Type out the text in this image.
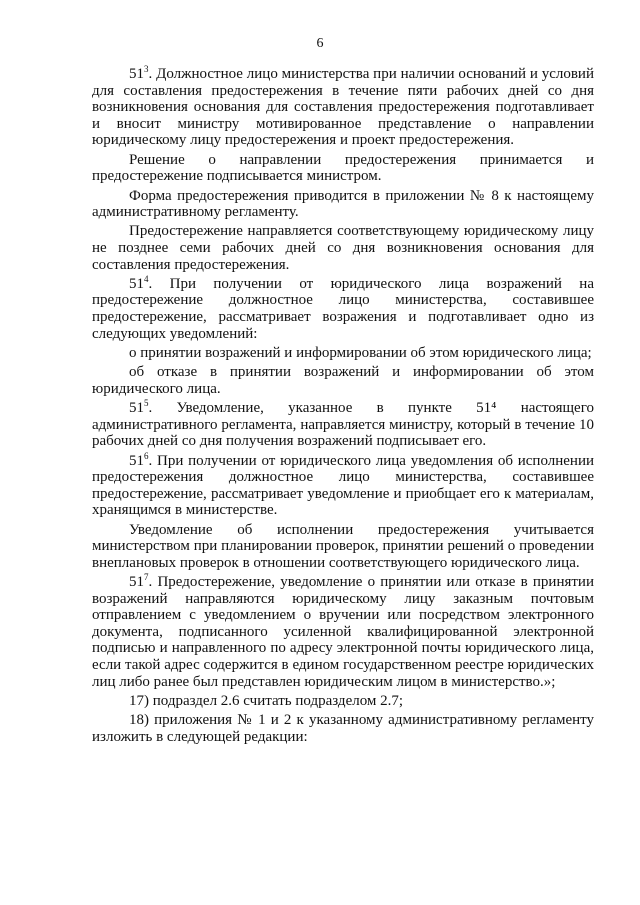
6

$51^3$. Должностное лицо министерства при наличии оснований и условий для составления предостережения в течение пяти рабочих дней со дня возникновения основания для составления предостережения подготавливает и вносит министру мотивированное представление о направлении юридическому лицу предостережения и проект предостережения.

Решение о направлении предостережения принимается и предостережение подписывается министром.

Форма предостережения приводится в приложении № 8 к настоящему административному регламенту.

Предостережение направляется соответствующему юридическому лицу не позднее семи рабочих дней со дня возникновения основания для составления предостережения.

$51^4$. При получении от юридического лица возражений на предостережение должностное лицо министерства, составившее предостережение, рассматривает возражения и подготавливает одно из следующих уведомлений:

о принятии возражений и информировании об этом юридического лица;

об отказе в принятии возражений и информировании об этом юридического лица.

$51^5$. Уведомление, указанное в пункте 51⁴ настоящего административного регламента, направляется министру, который в течение 10 рабочих дней со дня получения возражений подписывает его.

$51^6$. При получении от юридического лица уведомления об исполнении предостережения должностное лицо министерства, составившее предостережение, рассматривает уведомление и приобщает его к материалам, хранящимся в министерстве.

Уведомление об исполнении предостережения учитывается министерством при планировании проверок, принятии решений о проведении внеплановых проверок в отношении соответствующего юридического лица.

$51^7$. Предостережение, уведомление о принятии или отказе в принятии возражений направляются юридическому лицу заказным почтовым отправлением с уведомлением о вручении или посредством электронного документа, подписанного усиленной квалифицированной электронной подписью и направленного по адресу электронной почты юридического лица, если такой адрес содержится в едином государственном реестре юридических лиц либо ранее был представлен юридическим лицом в министерство.»;

17) подраздел 2.6 считать подразделом 2.7;

18) приложения № 1 и 2 к указанному административному регламенту изложить в следующей редакции:
